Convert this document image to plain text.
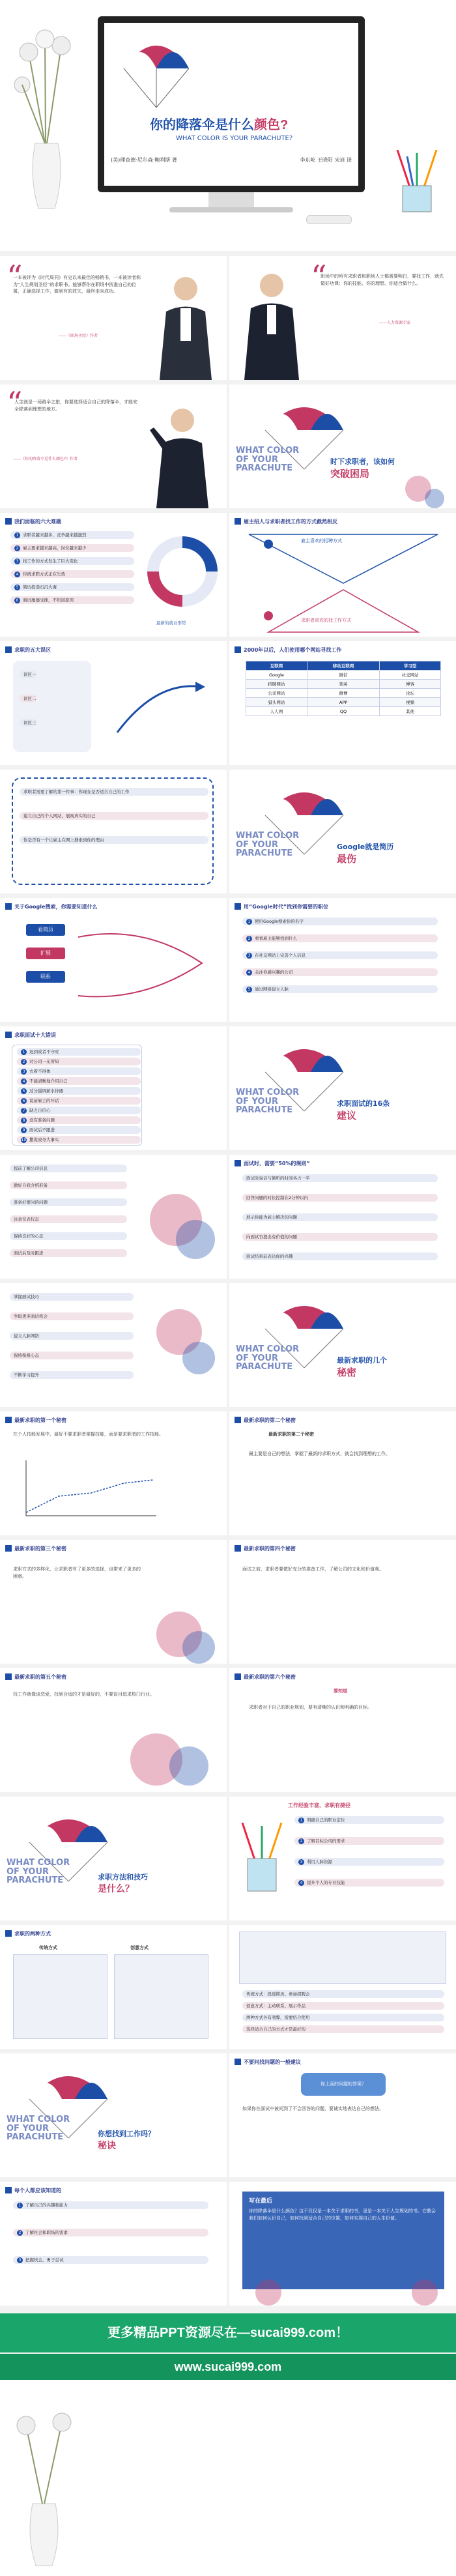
你的降落伞是什么颜色?
WHAT COLOR IS YOUR PARACHUTE?
(美)理查德·尼尔森·鲍利斯 著	李东屹 王晓阳 宋谚 译
“
一本被评为《时代周刊》有史以来最佳的畅销书，一本被读者称为“人生规划圣经”的求职书。能够帮你在职场中找准自己的位置，正确选择工作，做到有的放矢，最终走向成功。
——《职场圣经》作者
“
职场中的所有求职者和职场人士都需要明白，要找工作，就先做好功课：你的技能、你的理想、你适合做什么。
——人力资源专家
“
人生就是一场跳伞之旅，你要选择适合自己的降落伞，才能安全降落到理想的地方。
——《你的降落伞是什么颜色?》作者
WHAT COLOR OF YOUR PARACHUTE
时下求职者，该如何
突破困局
我们面临的六大难题
1 求职者越来越多，竞争越来越激烈
2 雇主要求越来越高，岗位越来越少
3 找工作的方式发生了巨大变化
4 传统求职方式正在失效
5 简历投递石沉大海
6 面试屡屡受挫，不知道原因
最新的就业形势
雇主招人与求职者找工作的方式截然相反
雇主喜欢的招聘方式
求职者喜欢的找工作方式
求职的五大误区
误区一
误区二
误区三
2000年以后，人们使用哪个网站寻找工作
互联网	移动互联网	学习型
Google	微信	社交网站
招聘网站	领英	博客
公司网站	微博	论坛
猎头网站	APP	视频
人人网	QQ	其他
求职者需要了解的第一件事：你现在是否适合自己的工作
建立自己的个人网站，展现真实的自己
你是否有一个让雇主在网上搜索到你的理由	WHAT COLOR OF YOUR PARACHUTE
Google就是简历
最伤
关于Google搜索，你需要知道什么
看简历
扩展
联系
用“Google时代”找到你需要的职位
1 使用Google搜索你的名字
2 看看雇主能够找到什么
3 在社交网站上完善个人信息
4 关注你感兴趣的公司
5 通过网络建立人脉
求职面试十大错误
1 迟到或者不守时
2 对公司一无所知
3 衣着不得体
4 不能清晰地介绍自己
5 过分强调薪水待遇
6 说前雇主的坏话
7 缺乏自信心
8 没有准备问题
9 面试后不跟进
10 撒谎或夸大事实
WHAT COLOR OF YOUR PARACHUTE
求职面试的16条
建议
提前了解公司信息
做好自我介绍准备
准备好要问的问题
注意仪表仪态
保持良好的心态
面试后及时跟进
面试时，需要“50%的规则”
面试时说话与倾听的时间各占一半
回答问题的时长控制在2分钟以内
展示你能为雇主解决的问题
向面试官提出有价值的问题
面试结束前表达你的兴趣
掌握面试技巧
争取更多面试机会
建立人脉网络
保持积极心态
不断学习提升
WHAT COLOR OF YOUR PARACHUTE
最新求职的几个
秘密
最新求职的第一个秘密
在个人技能发展中，最好不要求职者掌握技能，而是要求职者的工作技能。
最新求职的第二个秘密
最新求职的第二个秘密
最主要是自己的想法，掌握了最新的求职方式，就会找到理想的工作。
最新求职的第三个秘密
求职方式的多样化，让求职者有了更多的选择，也带来了更多的困惑。
最新求职的第四个秘密
面试之前，求职者要做好充分的准备工作，了解公司的文化和价值观。
最新求职的第五个秘密
找工作就像谈恋爱，找到合适的才是最好的，不要盲目追求热门行业。
最新求职的第六个秘密
要知道
求职者对于自己的职业规划，要有清晰的认识和明确的目标。
WHAT COLOR OF YOUR PARACHUTE	求职方法和技巧
是什么？
工作经验丰富，求职有捷径
1 明确自己的职业定位
2 了解目标公司的需求
3 利用人脉资源
4 提升个人的专业技能
求职的两种方式
传统方式	创意方式
传统方式：投递简历、参加招聘会
创意方式：主动联系、展示作品
两种方式各有利弊，需要结合使用
选择适合自己的方式才是最好的
WHAT COLOR OF YOUR PARACHUTE	你想找到工作吗？
秘诀
不要问找问题的一般建议
你上面的问题的答案？
如果你在面试中被问到了不会回答的问题，要诚实地表达自己的想法。
每个人都应该知道的
1 了解自己的兴趣和能力
2 了解社会和职场的需求
3 把握机会，勇于尝试
写在最后
你的降落伞是什么颜色？这不仅仅是一本关于求职的书，更是一本关于人生规划的书。它教会我们如何认识自己，如何找到适合自己的位置，如何实现自己的人生价值。
更多精品PPT资源尽在—sucai999.com！
www.sucai999.com
